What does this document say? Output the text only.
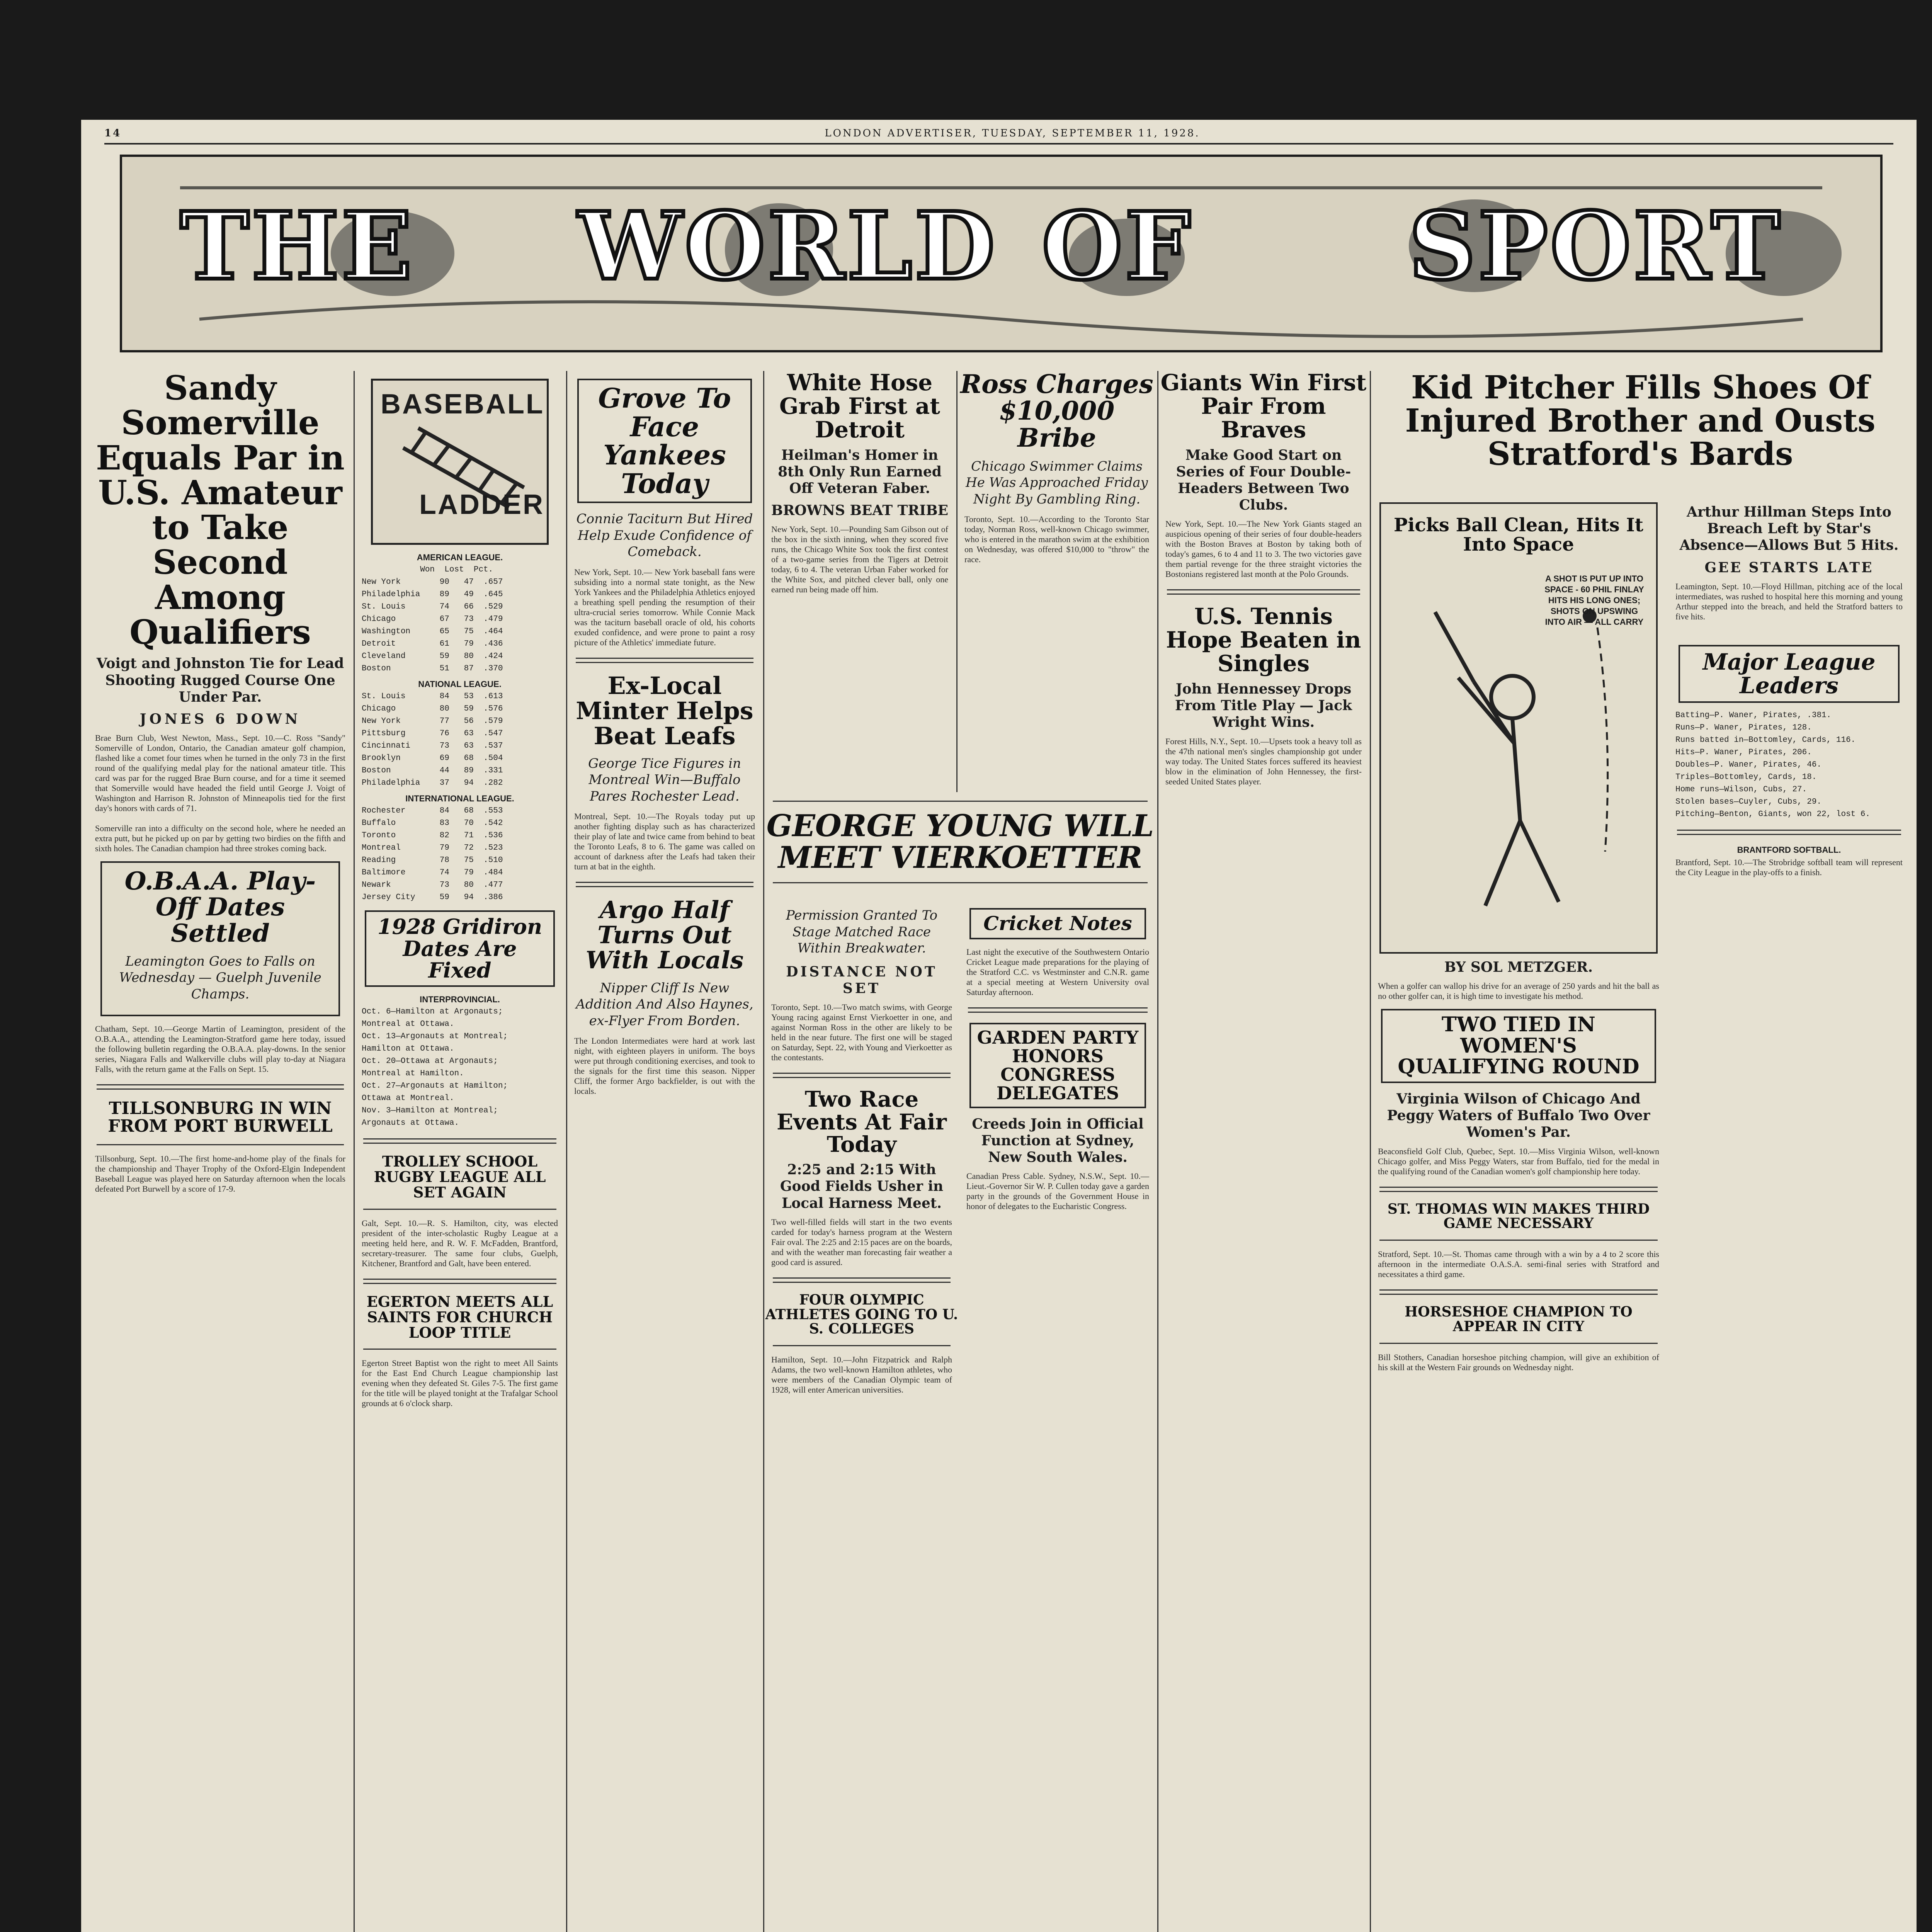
14	LONDON ADVERTISER, TUESDAY, SEPTEMBER 11, 1928.
THE WORLD OF SPORT
Sandy Somerville Equals Par in U.S. Amateur to Take Second Among Qualifiers
Voigt and Johnston Tie for Lead Shooting Rugged Course One Under Par.
JONES 6 DOWN
Brae Burn Club, West Newton, Mass., Sept. 10.—C. Ross "Sandy" Somerville of London, Ontario, the Canadian amateur golf champion, flashed like a comet four times when he turned in the only 73 in the first round of the qualifying medal play for the national amateur title. This card was par for the rugged Brae Burn course, and for a time it seemed that Somerville would have headed the field until George J. Voigt of Washington and Harrison R. Johnston of Minneapolis tied for the first day's honors with cards of 71.

Somerville ran into a difficulty on the second hole, where he needed an extra putt, but he picked up on par by getting two birdies on the fifth and sixth holes. The Canadian champion had three strokes coming back.
O.B.A.A. Play-Off Dates Settled
Leamington Goes to Falls on Wednesday — Guelph Juvenile Champs.
Chatham, Sept. 10.—George Martin of Leamington, president of the O.B.A.A., attending the Leamington-Stratford game here today, issued the following bulletin regarding the O.B.A.A. play-downs. In the senior series, Niagara Falls and Walkerville clubs will play to-day at Niagara Falls, with the return game at the Falls on Sept. 15.
TILLSONBURG IN WIN FROM PORT BURWELL
Tillsonburg, Sept. 10.—The first home-and-home play of the finals for the championship and Thayer Trophy of the Oxford-Elgin Independent Baseball League was played here on Saturday afternoon when the locals defeated Port Burwell by a score of 17-9.
BASEBALL
LADDER
AMERICAN LEAGUE.
Won  Lost  Pct.
New York        90   47  .657
Philadelphia    89   49  .645
St. Louis       74   66  .529
Chicago         67   73  .479
Washington      65   75  .464
Detroit         61   79  .436
Cleveland       59   80  .424
Boston          51   87  .370
NATIONAL LEAGUE.
St. Louis       84   53  .613
Chicago         80   59  .576
New York        77   56  .579
Pittsburg       76   63  .547
Cincinnati      73   63  .537
Brooklyn        69   68  .504
Boston          44   89  .331
Philadelphia    37   94  .282
INTERNATIONAL LEAGUE.
Rochester       84   68  .553
Buffalo         83   70  .542
Toronto         82   71  .536
Montreal        79   72  .523
Reading         78   75  .510
Baltimore       74   79  .484
Newark          73   80  .477
Jersey City     59   94  .386
1928 Gridiron Dates Are Fixed
INTERPROVINCIAL.
Oct. 6—Hamilton at Argonauts;
Montreal at Ottawa.
Oct. 13—Argonauts at Montreal;
Hamilton at Ottawa.
Oct. 20—Ottawa at Argonauts;
Montreal at Hamilton.
Oct. 27—Argonauts at Hamilton;
Ottawa at Montreal.
Nov. 3—Hamilton at Montreal;
Argonauts at Ottawa.
TROLLEY SCHOOL RUGBY LEAGUE ALL SET AGAIN
Galt, Sept. 10.—R. S. Hamilton, city, was elected president of the inter-scholastic Rugby League at a meeting held here, and R. W. F. McFadden, Brantford, secretary-treasurer. The same four clubs, Guelph, Kitchener, Brantford and Galt, have been entered.
EGERTON MEETS ALL SAINTS FOR CHURCH LOOP TITLE
Egerton Street Baptist won the right to meet All Saints for the East End Church League championship last evening when they defeated St. Giles 7-5. The first game for the title will be played tonight at the Trafalgar School grounds at 6 o'clock sharp.
Grove To Face Yankees Today
Connie Taciturn But Hired Help Exude Confidence of Comeback.
New York, Sept. 10.— New York baseball fans were subsiding into a normal state tonight, as the New York Yankees and the Philadelphia Athletics enjoyed a breathing spell pending the resumption of their ultra-crucial series tomorrow. While Connie Mack was the taciturn baseball oracle of old, his cohorts exuded confidence, and were prone to paint a rosy picture of the Athletics' immediate future.
Ex-Local Minter Helps Beat Leafs
George Tice Figures in Montreal Win—Buffalo Pares Rochester Lead.
Montreal, Sept. 10.—The Royals today put up another fighting display such as has characterized their play of late and twice came from behind to beat the Toronto Leafs, 8 to 6. The game was called on account of darkness after the Leafs had taken their turn at bat in the eighth.
Argo Half Turns Out With Locals
Nipper Cliff Is New Addition And Also Haynes, ex-Flyer From Borden.
The London Intermediates were hard at work last night, with eighteen players in uniform. The boys were put through conditioning exercises, and took to the signals for the first time this season. Nipper Cliff, the former Argo backfielder, is out with the locals.
White Hose Grab First at Detroit
Heilman's Homer in 8th Only Run Earned Off Veteran Faber.
BROWNS BEAT TRIBE
New York, Sept. 10.—Pounding Sam Gibson out of the box in the sixth inning, when they scored five runs, the Chicago White Sox took the first contest of a two-game series from the Tigers at Detroit today, 6 to 4. The veteran Urban Faber worked for the White Sox, and pitched clever ball, only one earned run being made off him.
Ross Charges $10,000 Bribe
Chicago Swimmer Claims He Was Approached Friday Night By Gambling Ring.
Toronto, Sept. 10.—According to the Toronto Star today, Norman Ross, well-known Chicago swimmer, who is entered in the marathon swim at the exhibition on Wednesday, was offered $10,000 to "throw" the race.
GEORGE YOUNG WILL MEET VIERKOETTER
Permission Granted To Stage Matched Race Within Breakwater.
DISTANCE NOT SET
Toronto, Sept. 10.—Two match swims, with George Young racing against Ernst Vierkoetter in one, and against Norman Ross in the other are likely to be held in the near future. The first one will be staged on Saturday, Sept. 22, with Young and Vierkoetter as the contestants.
Two Race Events At Fair Today
2:25 and 2:15 With Good Fields Usher in Local Harness Meet.
Two well-filled fields will start in the two events carded for today's harness program at the Western Fair oval. The 2:25 and 2:15 paces are on the boards, and with the weather man forecasting fair weather a good card is assured.
FOUR OLYMPIC ATHLETES GOING TO U. S. COLLEGES
Hamilton, Sept. 10.—John Fitzpatrick and Ralph Adams, the two well-known Hamilton athletes, who were members of the Canadian Olympic team of 1928, will enter American universities.
Cricket Notes
Last night the executive of the Southwestern Ontario Cricket League made preparations for the playing of the Stratford C.C. vs Westminster and C.N.R. game at a special meeting at Western University oval Saturday afternoon.
GARDEN PARTY HONORS CONGRESS DELEGATES
Creeds Join in Official Function at Sydney, New South Wales.
Canadian Press Cable. Sydney, N.S.W., Sept. 10.—Lieut.-Governor Sir W. P. Cullen today gave a garden party in the grounds of the Government House in honor of delegates to the Eucharistic Congress.
Giants Win First Pair From Braves
Make Good Start on Series of Four Double-Headers Between Two Clubs.
New York, Sept. 10.—The New York Giants staged an auspicious opening of their series of four double-headers with the Boston Braves at Boston by taking both of today's games, 6 to 4 and 11 to 3. The two victories gave them partial revenge for the three straight victories the Bostonians registered last month at the Polo Grounds.
U.S. Tennis Hope Beaten in Singles
John Hennessey Drops From Title Play — Jack Wright Wins.
Forest Hills, N.Y., Sept. 10.—Upsets took a heavy toll as the 47th national men's singles championship got under way today. The United States forces suffered its heaviest blow in the elimination of John Hennessey, the first-seeded United States player.
Kid Pitcher Fills Shoes Of Injured Brother and Ousts Stratford's Bards
Picks Ball Clean, Hits It Into Space
A SHOT IS PUT UP INTO SPACE - 60 PHIL FINLAY HITS HIS LONG ONES; SHOTS ON UPSWING INTO AIR — ALL CARRY
BY SOL METZGER.
When a golfer can wallop his drive for an average of 250 yards and hit the ball as no other golfer can, it is high time to investigate his method.
TWO TIED IN WOMEN'S QUALIFYING ROUND
Virginia Wilson of Chicago And Peggy Waters of Buffalo Two Over Women's Par.
Beaconsfield Golf Club, Quebec, Sept. 10.—Miss Virginia Wilson, well-known Chicago golfer, and Miss Peggy Waters, star from Buffalo, tied for the medal in the qualifying round of the Canadian women's golf championship here today.
ST. THOMAS WIN MAKES THIRD GAME NECESSARY
Stratford, Sept. 10.—St. Thomas came through with a win by a 4 to 2 score this afternoon in the intermediate O.A.S.A. semi-final series with Stratford and necessitates a third game.
HORSESHOE CHAMPION TO APPEAR IN CITY
Bill Stothers, Canadian horseshoe pitching champion, will give an exhibition of his skill at the Western Fair grounds on Wednesday night.
Arthur Hillman Steps Into Breach Left by Star's Absence—Allows But 5 Hits.
GEE STARTS LATE
Leamington, Sept. 10.—Floyd Hillman, pitching ace of the local intermediates, was rushed to hospital here this morning and young Arthur stepped into the breach, and held the Stratford batters to five hits.
Major League Leaders
Batting—P. Waner, Pirates, .381.
Runs—P. Waner, Pirates, 128.
Runs batted in—Bottomley, Cards, 116.
Hits—P. Waner, Pirates, 206.
Doubles—P. Waner, Pirates, 46.
Triples—Bottomley, Cards, 18.
Home runs—Wilson, Cubs, 27.
Stolen bases—Cuyler, Cubs, 29.
Pitching—Benton, Giants, won 22, lost 6.
BRANTFORD SOFTBALL.
Brantford, Sept. 10.—The Strobridge softball team will represent the City League in the play-offs to a finish.
